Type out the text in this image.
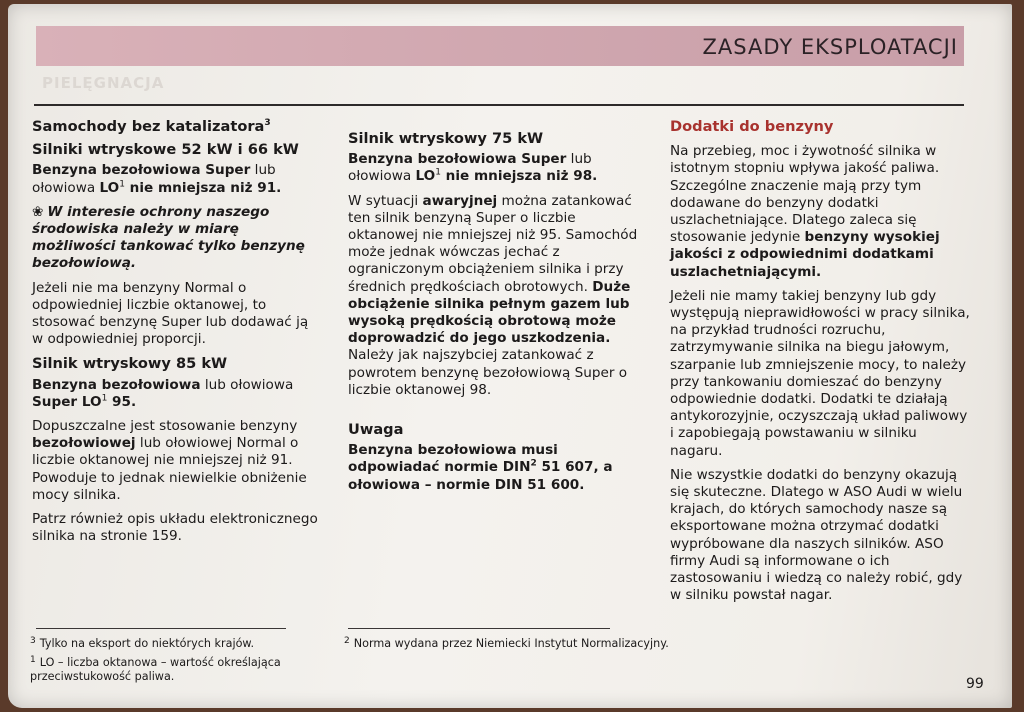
ZASADY EKSPLOATACJI
PIELĘGNACJA
Samochody bez katalizatora$^3$
Silniki wtryskowe 52 kW i 66 kW

Benzyna bezołowiowa Super lub ołowiowa $LO^1$ nie mniejsza niż 91.

❀ W interesie ochrony naszego środowiska należy w miarę możliwości tankować tylko benzynę bezołowiową.

Jeżeli nie ma benzyny Normal o odpowiedniej liczbie oktanowej, to stosować benzynę Super lub dodawać ją w odpowiedniej proporcji.

Silnik wtryskowy 85 kW

Benzyna bezołowiowa lub ołowiowa Super $LO^1$ 95.

Dopuszczalne jest stosowanie benzyny bezołowiowej lub ołowiowej Normal o liczbie oktanowej nie mniejszej niż 91. Powoduje to jednak niewielkie obniżenie mocy silnika.

Patrz również opis układu elektronicznego silnika na stronie 159.

Silnik wtryskowy 75 kW

Benzyna bezołowiowa Super lub ołowiowa $LO^1$ nie mniejsza niż 98.

W sytuacji awaryjnej można zatankować ten silnik benzyną Super o liczbie oktanowej nie mniejszej niż 95. Samochód może jednak wówczas jechać z ograniczonym obciążeniem silnika i przy średnich prędkościach obrotowych. Duże obciążenie silnika pełnym gazem lub wysoką prędkością obrotową może doprowadzić do jego uszkodzenia. Należy jak najszybciej zatankować z powrotem benzynę bezołowiową Super o liczbie oktanowej 98.

Uwaga

Benzyna bezołowiowa musi odpowiadać normie DIN$^2$ 51 607, a ołowiowa – normie DIN 51 600.

Dodatki do benzyny

Na przebieg, moc i żywotność silnika w istotnym stopniu wpływa jakość paliwa. Szczególne znaczenie mają przy tym dodawane do benzyny dodatki uszlachetniające. Dlatego zaleca się stosowanie jedynie benzyny wysokiej jakości z odpowiednimi dodatkami uszlachetniającymi.

Jeżeli nie mamy takiej benzyny lub gdy występują nieprawidłowości w pracy silnika, na przykład trudności rozruchu, zatrzymywanie silnika na biegu jałowym, szarpanie lub zmniejszenie mocy, to należy przy tankowaniu domieszać do benzyny odpowiednie dodatki. Dodatki te działają antykorozyjnie, oczyszczają układ paliwowy i zapobiegają powstawaniu w silniku nagaru.

Nie wszystkie dodatki do benzyny okazują się skuteczne. Dlatego w ASO Audi w wielu krajach, do których samochody nasze są eksportowane można otrzymać dodatki wypróbowane dla naszych silników. ASO firmy Audi są informowane o ich zastosowaniu i wiedzą co należy robić, gdy w silniku powstał nagar.

$^3$ Tylko na eksport do niektórych krajów.
$^1$ LO – liczba oktanowa – wartość określająca przeciwstukowość paliwa.
$^2$ Norma wydana przez Niemiecki Instytut Normalizacyjny.
99
